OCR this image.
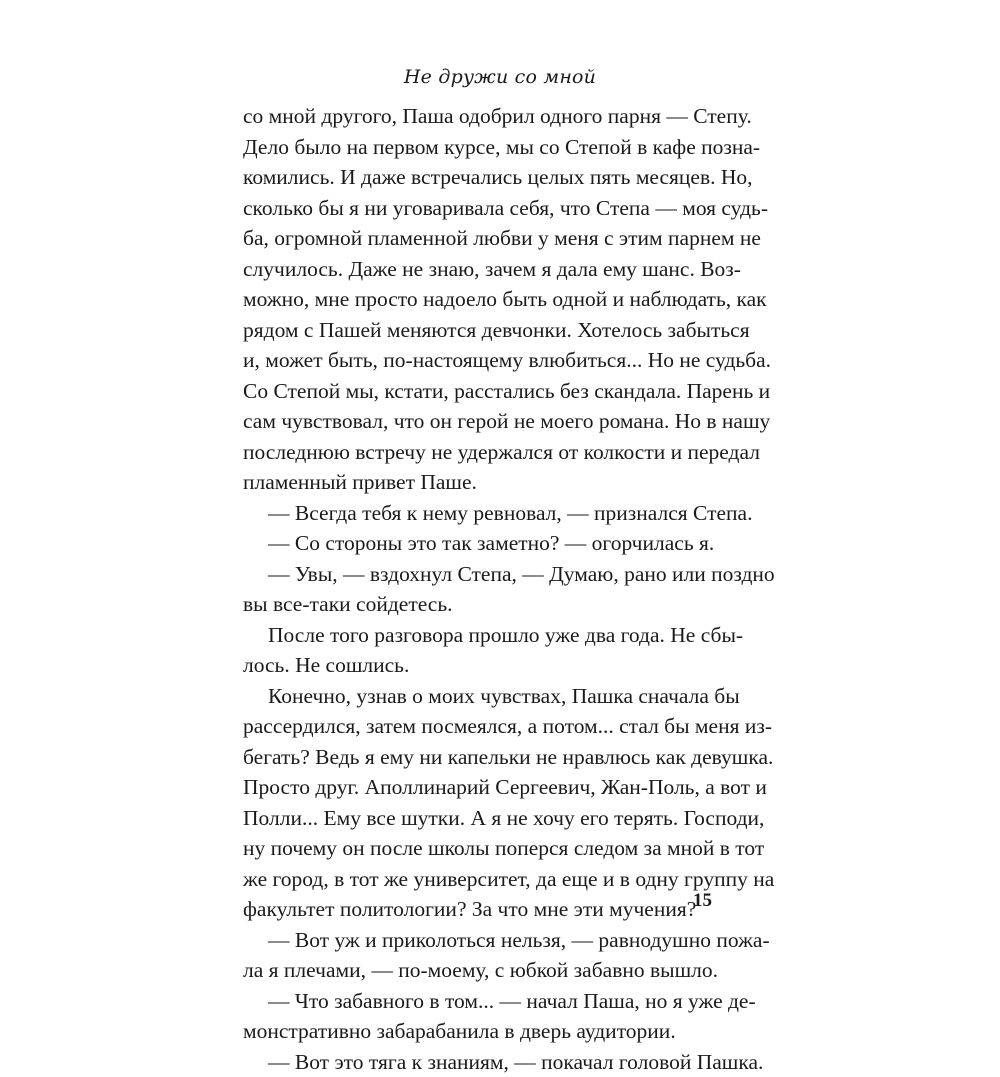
Не дружи со мной
со мной другого, Паша одобрил одного парня — Степу.
Дело было на первом курсе, мы со Степой в кафе позна-
комились. И даже встречались целых пять месяцев. Но,
сколько бы я ни уговаривала себя, что Степа — моя судь-
ба, огромной пламенной любви у меня с этим парнем не
случилось. Даже не знаю, зачем я дала ему шанс. Воз-
можно, мне просто надоело быть одной и наблюдать, как
рядом с Пашей меняются девчонки. Хотелось забыться
и, может быть, по-настоящему влюбиться... Но не судьба.
Со Степой мы, кстати, расстались без скандала. Парень и
сам чувствовал, что он герой не моего романа. Но в нашу
последнюю встречу не удержался от колкости и передал
пламенный привет Паше.
— Всегда тебя к нему ревновал, — признался Степа.
— Со стороны это так заметно? — огорчилась я.
— Увы, — вздохнул Степа, — Думаю, рано или поздно
вы все-таки сойдетесь.
После того разговора прошло уже два года. Не сбы-
лось. Не сошлись.
Конечно, узнав о моих чувствах, Пашка сначала бы
рассердился, затем посмеялся, а потом... стал бы меня из-
бегать? Ведь я ему ни капельки не нравлюсь как девушка.
Просто друг. Аполлинарий Сергеевич, Жан-Поль, а вот и
Полли... Ему все шутки. А я не хочу его терять. Господи,
ну почему он после школы поперся следом за мной в тот
же город, в тот же университет, да еще и в одну группу на
факультет политологии? За что мне эти мучения?
— Вот уж и приколоться нельзя, — равнодушно пожа-
ла я плечами, — по-моему, с юбкой забавно вышло.
— Что забавного в том... — начал Паша, но я уже де-
монстративно забарабанила в дверь аудитории.
— Вот это тяга к знаниям, — покачал головой Пашка.
15
